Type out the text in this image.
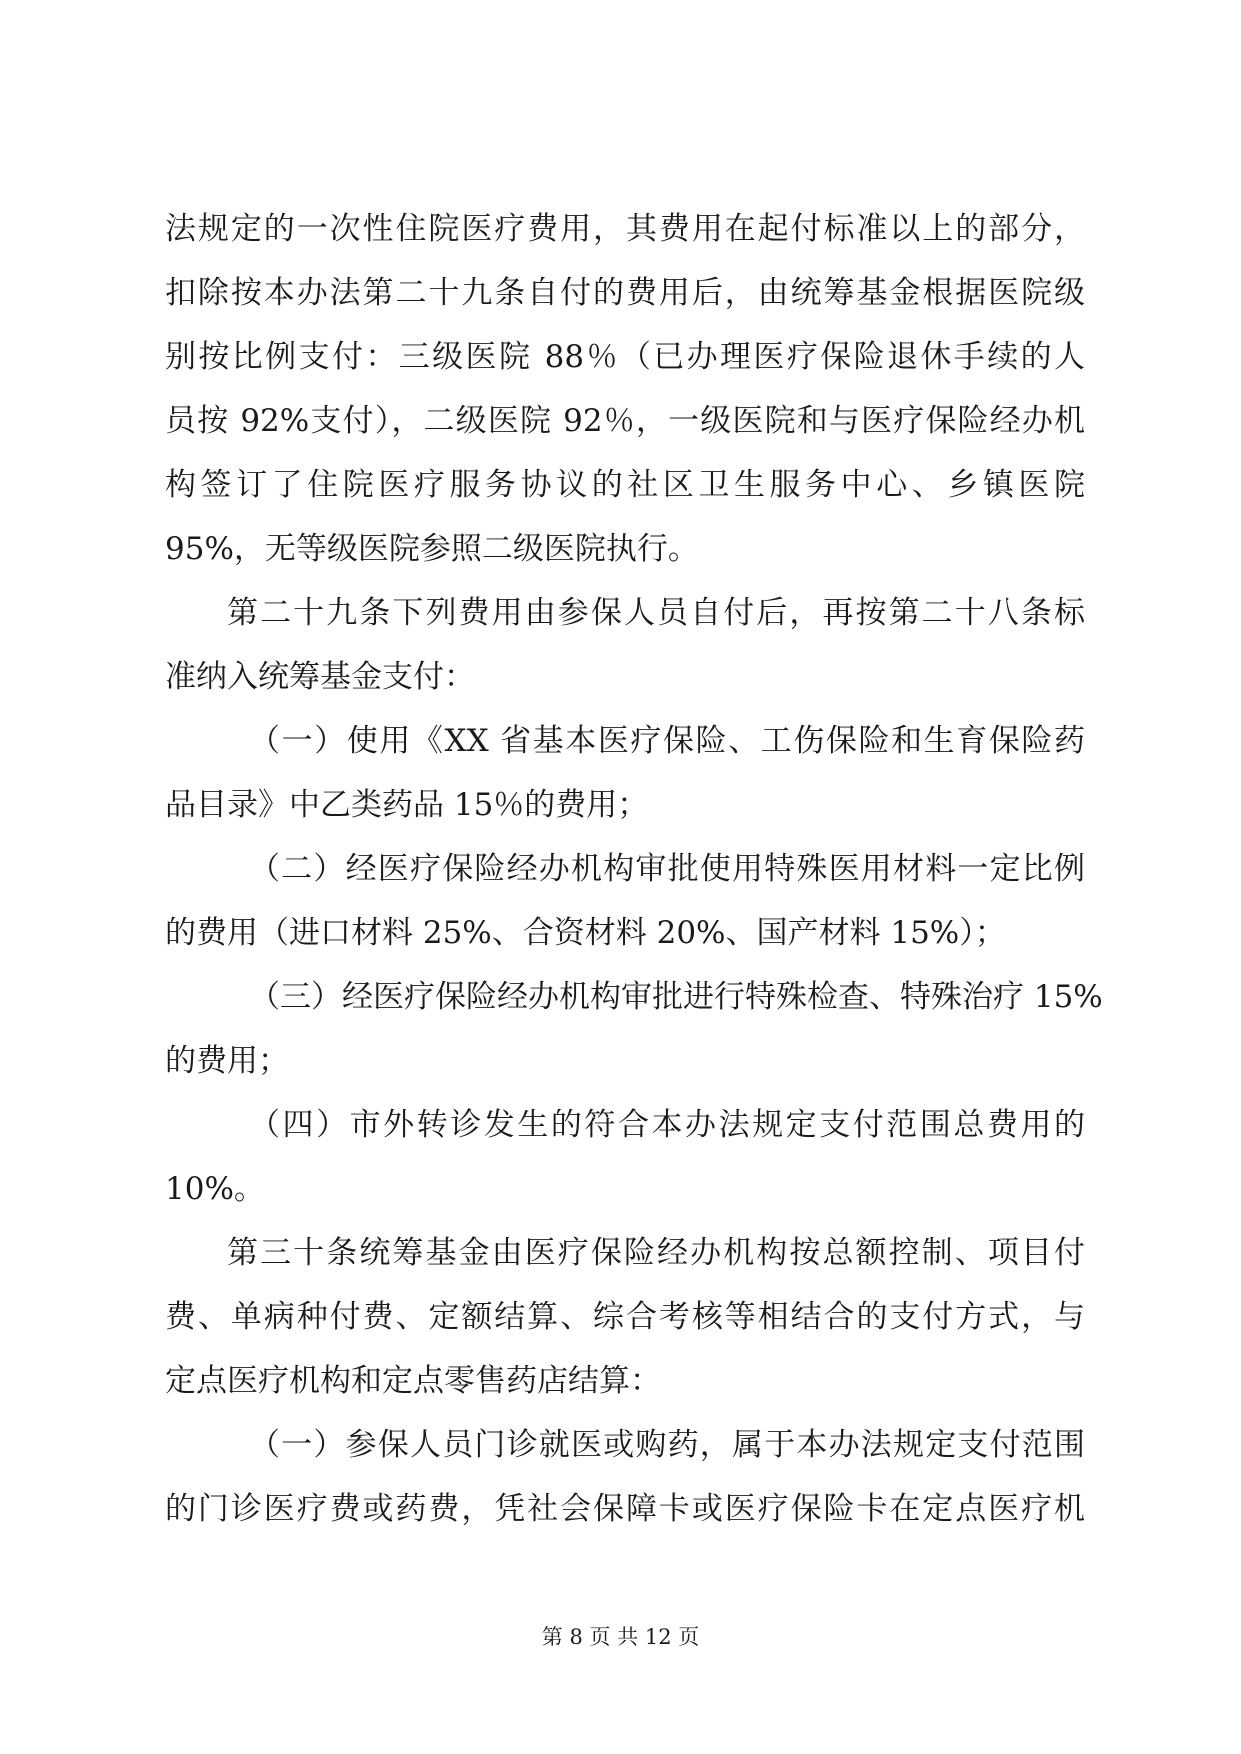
法规定的一次性住院医疗费用，其费用在起付标准以上的部分，
扣除按本办法第二十九条自付的费用后，由统筹基金根据医院级
别按比例支付：三级医院 88％（已办理医疗保险退休手续的人
员按 92%支付），二级医院 92％，一级医院和与医疗保险经办机
构签订了住院医疗服务协议的社区卫生服务中心、乡镇医院
95%，无等级医院参照二级医院执行。
第二十九条下列费用由参保人员自付后，再按第二十八条标
准纳入统筹基金支付：
（一）使用《XX 省基本医疗保险、工伤保险和生育保险药
品目录》中乙类药品 15％的费用；
（二）经医疗保险经办机构审批使用特殊医用材料一定比例
的费用（进口材料 25%、合资材料 20%、国产材料 15%）；
（三）经医疗保险经办机构审批进行特殊检查、特殊治疗 15%
的费用；
（四）市外转诊发生的符合本办法规定支付范围总费用的
10%。
第三十条统筹基金由医疗保险经办机构按总额控制、项目付
费、单病种付费、定额结算、综合考核等相结合的支付方式，与
定点医疗机构和定点零售药店结算：
（一）参保人员门诊就医或购药，属于本办法规定支付范围
的门诊医疗费或药费，凭社会保障卡或医疗保险卡在定点医疗机
第 8 页 共 12 页
